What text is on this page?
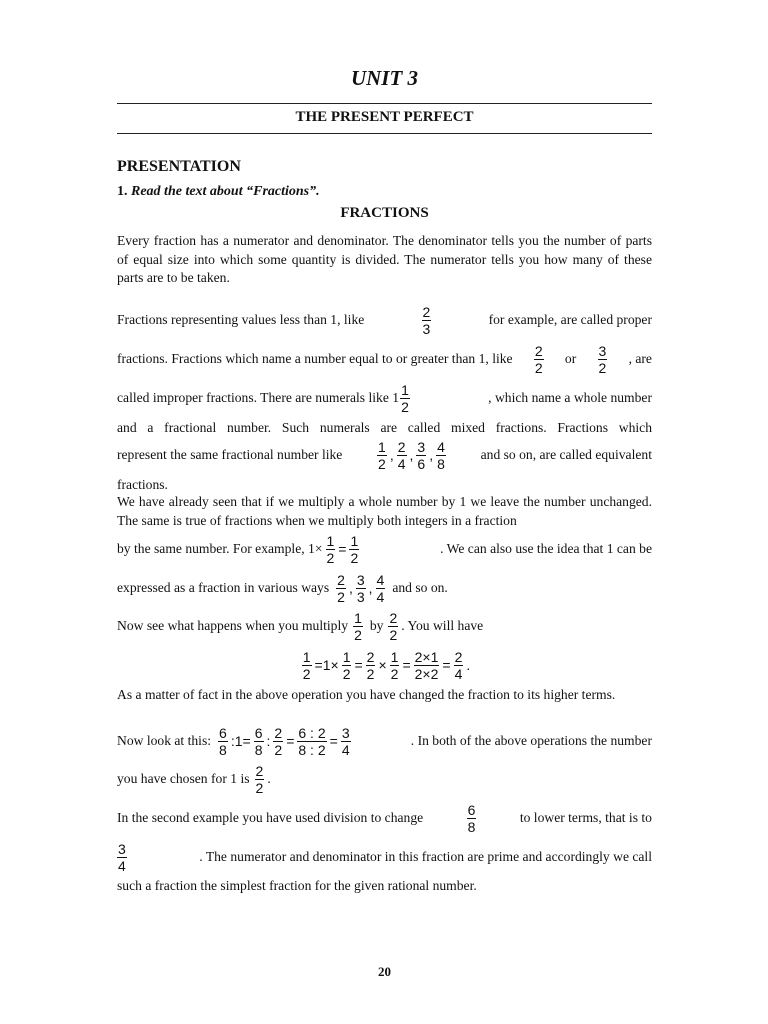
UNIT 3
THE PRESENT PERFECT
PRESENTATION
1. Read the text about “Fractions”.
FRACTIONS
Every fraction has a numerator and denominator. The denominator tells you the number of parts of equal size into which some quantity is divided. The numerator tells you how many of these parts are to be taken.
Fractions representing values less than 1, like	$\frac{2}{3}$	for example, are called proper
fractions. Fractions which name a number equal to or greater than 1, like $\frac{2}{2}$ or $\frac{3}{2}$ , are
called improper fractions. There are numerals like $1 \frac{1}{2}$	, which name a whole number
and a fractional number. Such numerals are called mixed fractions. Fractions which
represent the same fractional number like $\frac{1}{2}$ , $\frac{2}{4}$ , $\frac{3}{6}$ , $\frac{4}{8}$	and so on, are called equivalent
fractions.
We have already seen that if we multiply a whole number by 1 we leave the number unchanged. The same is true of fractions when we multiply both integers in a fraction
by the same number. For example, $1\times \frac{1}{2} = \frac{1}{2}$	. We can also use the idea that 1 can be
expressed as a fraction in various ways $\frac{2}{2}$ , $\frac{3}{3}$ , $\frac{4}{4}$ and so on.
Now see what happens when you multiply $\frac{1}{2}$ by $\frac{2}{2}$ . You will have
$\frac{1}{2} = 1\times \frac{1}{2} = \frac{2}{2} \times \frac{1}{2} = \frac{2\times 1}{2\times 2} = \frac{2}{4}$ .
As a matter of fact in the above operation you have changed the fraction to its higher terms.
Now look at this: $\frac{6}{8}$ :1 = $\frac{6}{8}$ : $\frac{2}{2} = \frac{6 : 2}{8 : 2} = \frac{3}{4}$	. In both of the above operations the number
you have chosen for 1 is $\frac{2}{2}$ .
In the second example you have used division to change	$\frac{6}{8}$	to lower terms, that is to
$\frac{3}{4}$	. The numerator and denominator in this fraction are prime and accordingly we call
such a fraction the simplest fraction for the given rational number.
20
